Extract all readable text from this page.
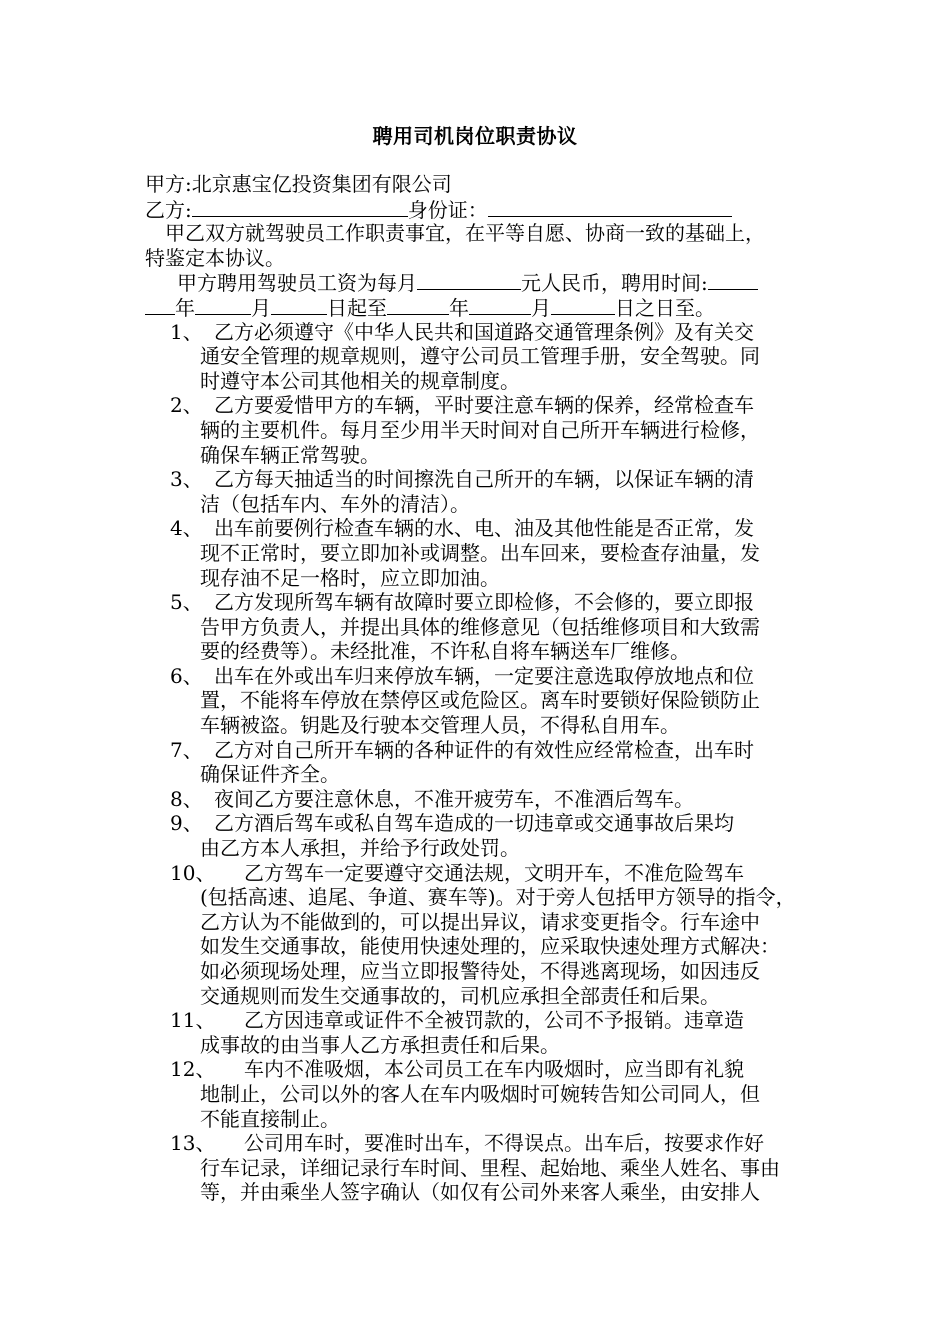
聘用司机岗位职责协议
甲方:北京惠宝亿投资集团有限公司
乙方:	身份证：
甲乙双方就驾驶员工作职责事宜，在平等自愿、协商一致的基础上，
特鉴定本协议。
甲方聘用驾驶员工资为每月	元人民币，聘用时间:
年	月	日起至	年	月	日之日至。
1、 乙方必须遵守《中华人民共和国道路交通管理条例》及有关交
通安全管理的规章规则，遵守公司员工管理手册，安全驾驶。同
时遵守本公司其他相关的规章制度。
2、 乙方要爱惜甲方的车辆，平时要注意车辆的保养，经常检查车
辆的主要机件。每月至少用半天时间对自己所开车辆进行检修，
确保车辆正常驾驶。
3、 乙方每天抽适当的时间擦洗自己所开的车辆，以保证车辆的清
洁（包括车内、车外的清洁）。
4、 出车前要例行检查车辆的水、电、油及其他性能是否正常，发
现不正常时，要立即加补或调整。出车回来，要检查存油量，发
现存油不足一格时，应立即加油。
5、 乙方发现所驾车辆有故障时要立即检修，不会修的，要立即报
告甲方负责人，并提出具体的维修意见（包括维修项目和大致需
要的经费等）。未经批准，不许私自将车辆送车厂维修。
6、 出车在外或出车归来停放车辆，一定要注意选取停放地点和位
置，不能将车停放在禁停区或危险区。离车时要锁好保险锁防止
车辆被盗。钥匙及行驶本交管理人员，不得私自用车。
7、 乙方对自己所开车辆的各种证件的有效性应经常检查，出车时
确保证件齐全。
8、 夜间乙方要注意休息，不准开疲劳车，不准酒后驾车。
9、 乙方酒后驾车或私自驾车造成的一切违章或交通事故后果均
由乙方本人承担，并给予行政处罚。
10、	乙方驾车一定要遵守交通法规，文明开车，不准危险驾车
(包括高速、追尾、争道、赛车等)。对于旁人包括甲方领导的指令，
乙方认为不能做到的，可以提出异议，请求变更指令。行车途中
如发生交通事故，能使用快速处理的，应采取快速处理方式解决：
如必须现场处理，应当立即报警待处，不得逃离现场，如因违反
交通规则而发生交通事故的，司机应承担全部责任和后果。
11、	乙方因违章或证件不全被罚款的，公司不予报销。违章造
成事故的由当事人乙方承担责任和后果。
12、	车内不准吸烟，本公司员工在车内吸烟时，应当即有礼貌
地制止，公司以外的客人在车内吸烟时可婉转告知公司同人，但
不能直接制止。
13、	公司用车时，要准时出车，不得误点。出车后，按要求作好
行车记录，详细记录行车时间、里程、起始地、乘坐人姓名、事由
等，并由乘坐人签字确认（如仅有公司外来客人乘坐，由安排人
